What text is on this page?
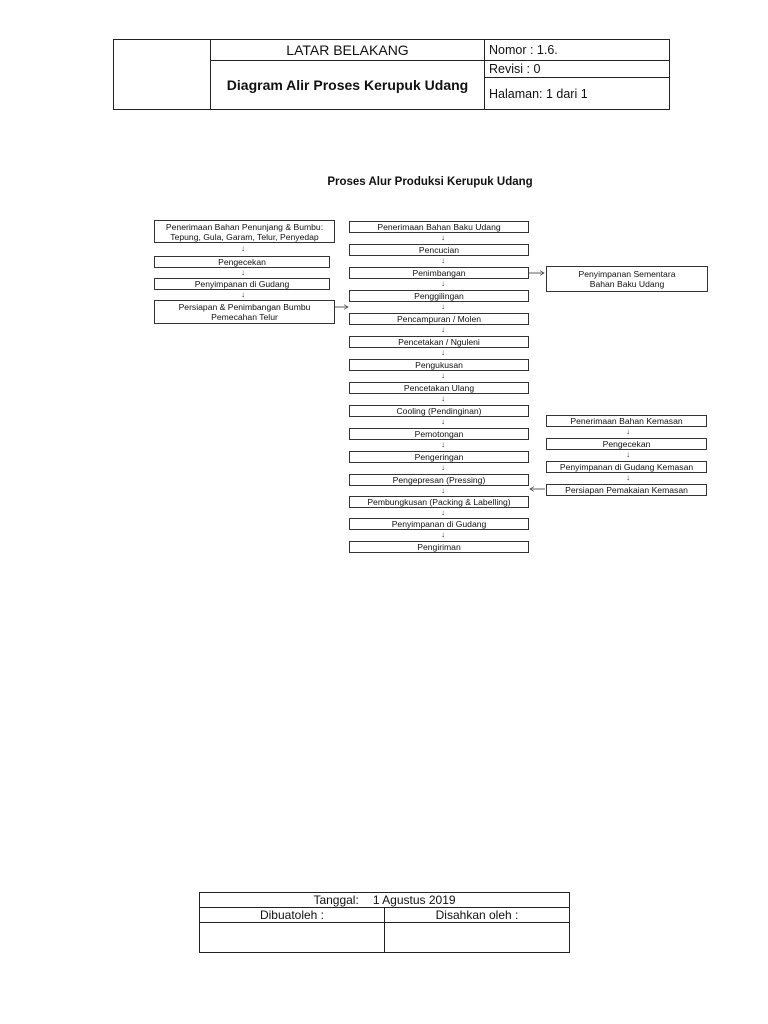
	LATAR BELAKANG	Nomor : 1.6.
	Diagram Alir Proses Kerupuk Udang	Revisi : 0
		Halaman: 1 dari 1
Proses Alur Produksi Kerupuk Udang
Penerimaan Bahan Penunjang & Bumbu:
Tepung, Gula, Garam, Telur, Penyedap
↓
Pengecekan
↓
Penyimpanan di Gudang
↓
Persiapan & Penimbangan Bumbu
Pemecahan Telur
Penerimaan Bahan Baku Udang
↓
Pencucian
↓
Penimbangan
↓
Penggilingan
↓
Pencampuran / Molen
↓
Pencetakan / Nguleni
↓
Pengukusan
↓
Pencetakan Ulang
↓
Cooling (Pendinginan)
↓
Pemotongan
↓
Pengeringan
↓
Pengepresan (Pressing)
↓
Pembungkusan (Packing & Labelling)
↓
Penyimpanan di Gudang
↓
Pengiriman
Penyimpanan Sementara
Bahan Baku Udang
Penerimaan Bahan Kemasan
↓
Pengecekan
↓
Penyimpanan di Gudang Kemasan
↓
Persiapan Pemakaian Kemasan
Tanggal: 1 Agustus 2019	
Dibuatoleh :	Disahkan oleh :
